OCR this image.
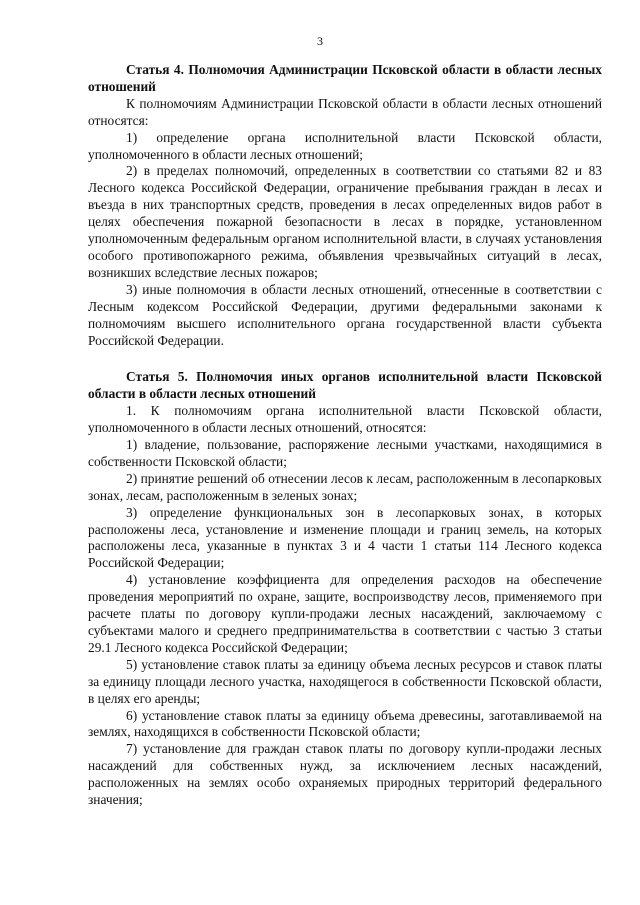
3

Статья 4. Полномочия Администрации Псковской области в области лесных отношений

К полномочиям Администрации Псковской области в области лесных отношений относятся:

1) определение органа исполнительной власти Псковской области, уполномоченного в области лесных отношений;

2) в пределах полномочий, определенных в соответствии со статьями 82 и 83 Лесного кодекса Российской Федерации, ограничение пребывания граждан в лесах и въезда в них транспортных средств, проведения в лесах определенных видов работ в целях обеспечения пожарной безопасности в лесах в порядке, установленном уполномоченным федеральным органом исполнительной власти, в случаях установления особого противопожарного режима, объявления чрезвычайных ситуаций в лесах, возникших вследствие лесных пожаров;

3) иные полномочия в области лесных отношений, отнесенные в соответствии с Лесным кодексом Российской Федерации, другими федеральными законами к полномочиям высшего исполнительного органа государственной власти субъекта Российской Федерации.

Статья 5. Полномочия иных органов исполнительной власти Псковской области в области лесных отношений

1. К полномочиям органа исполнительной власти Псковской области, уполномоченного в области лесных отношений, относятся:

1) владение, пользование, распоряжение лесными участками, находящимися в собственности Псковской области;

2) принятие решений об отнесении лесов к лесам, расположенным в лесопарковых зонах, лесам, расположенным в зеленых зонах;

3) определение функциональных зон в лесопарковых зонах, в которых расположены леса, установление и изменение площади и границ земель, на которых расположены леса, указанные в пунктах 3 и 4 части 1 статьи 114 Лесного кодекса Российской Федерации;

4) установление коэффициента для определения расходов на обеспечение проведения мероприятий по охране, защите, воспроизводству лесов, применяемого при расчете платы по договору купли-продажи лесных насаждений, заключаемому с субъектами малого и среднего предпринимательства в соответствии с частью 3 статьи 29.1 Лесного кодекса Российской Федерации;

5) установление ставок платы за единицу объема лесных ресурсов и ставок платы за единицу площади лесного участка, находящегося в собственности Псковской области, в целях его аренды;

6) установление ставок платы за единицу объема древесины, заготавливаемой на землях, находящихся в собственности Псковской области;

7) установление для граждан ставок платы по договору купли-продажи лесных насаждений для собственных нужд, за исключением лесных насаждений, расположенных на землях особо охраняемых природных территорий федерального значения;
